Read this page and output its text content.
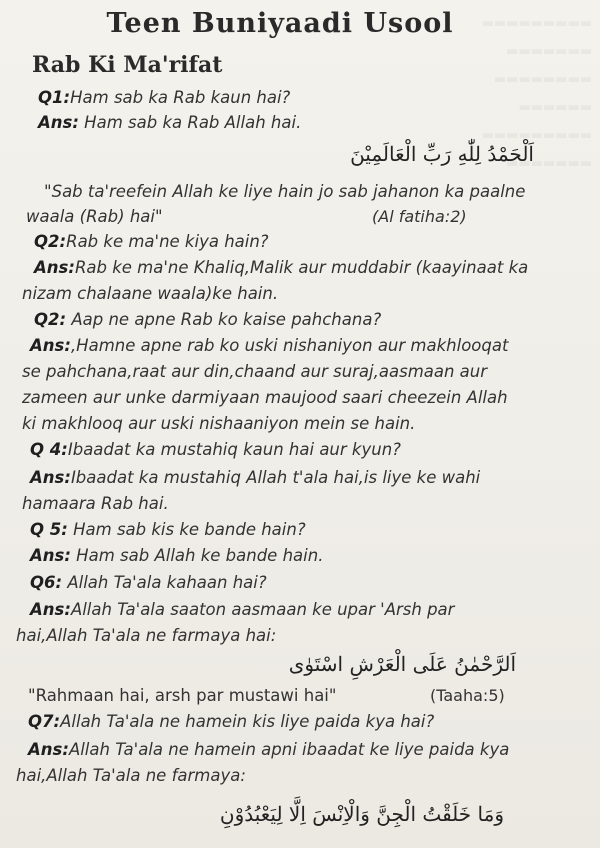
▬▬▬▬▬▬▬▬▬
▬▬▬▬▬▬▬
▬▬▬▬▬▬▬▬
▬▬▬▬▬▬
▬▬▬▬▬▬▬▬▬
▬▬▬▬▬▬▬
Teen Buniyaadi Usool
Rab Ki Ma'rifat
Q1:Ham sab ka Rab kaun hai?
Ans: Ham sab ka Rab Allah hai.
اَلْحَمْدُ لِلّٰهِ رَبِّ الْعَالَمِيْنَ
"Sab ta'reefein Allah ke liye hain jo sab jahanon ka paalne
waala (Rab) hai"	(Al fatiha:2)
Q2:Rab ke ma'ne kiya hain?
Ans:Rab ke ma'ne Khaliq,Malik aur muddabir (kaayinaat ka
nizam chalaane waala)ke hain.
Q2: Aap ne apne Rab ko kaise pahchana?
Ans:,Hamne apne rab ko uski nishaniyon aur makhlooqat
se pahchana,raat aur din,chaand aur suraj,aasmaan aur
zameen aur unke darmiyaan maujood saari cheezein Allah
ki makhlooq aur uski nishaaniyon mein se hain.
Q 4:Ibaadat ka mustahiq kaun hai aur kyun?
Ans:Ibaadat ka mustahiq Allah t'ala hai,is liye ke wahi
hamaara Rab hai.
Q 5: Ham sab kis ke bande hain?
Ans: Ham sab Allah ke bande hain.
Q6: Allah Ta'ala kahaan hai?
Ans:Allah Ta'ala saaton aasmaan ke upar 'Arsh par
hai,Allah Ta'ala ne farmaya hai:
اَلرَّحْمٰنُ عَلَى الْعَرْشِ اسْتَوٰى
"Rahmaan hai, arsh par mustawi hai"	(Taaha:5)
Q7:Allah Ta'ala ne hamein kis liye paida kya hai?
Ans:Allah Ta'ala ne hamein apni ibaadat ke liye paida kya
hai,Allah Ta'ala ne farmaya:
وَمَا خَلَقْتُ الْجِنَّ وَالْاِنْسَ اِلَّا لِيَعْبُدُوْنِ
